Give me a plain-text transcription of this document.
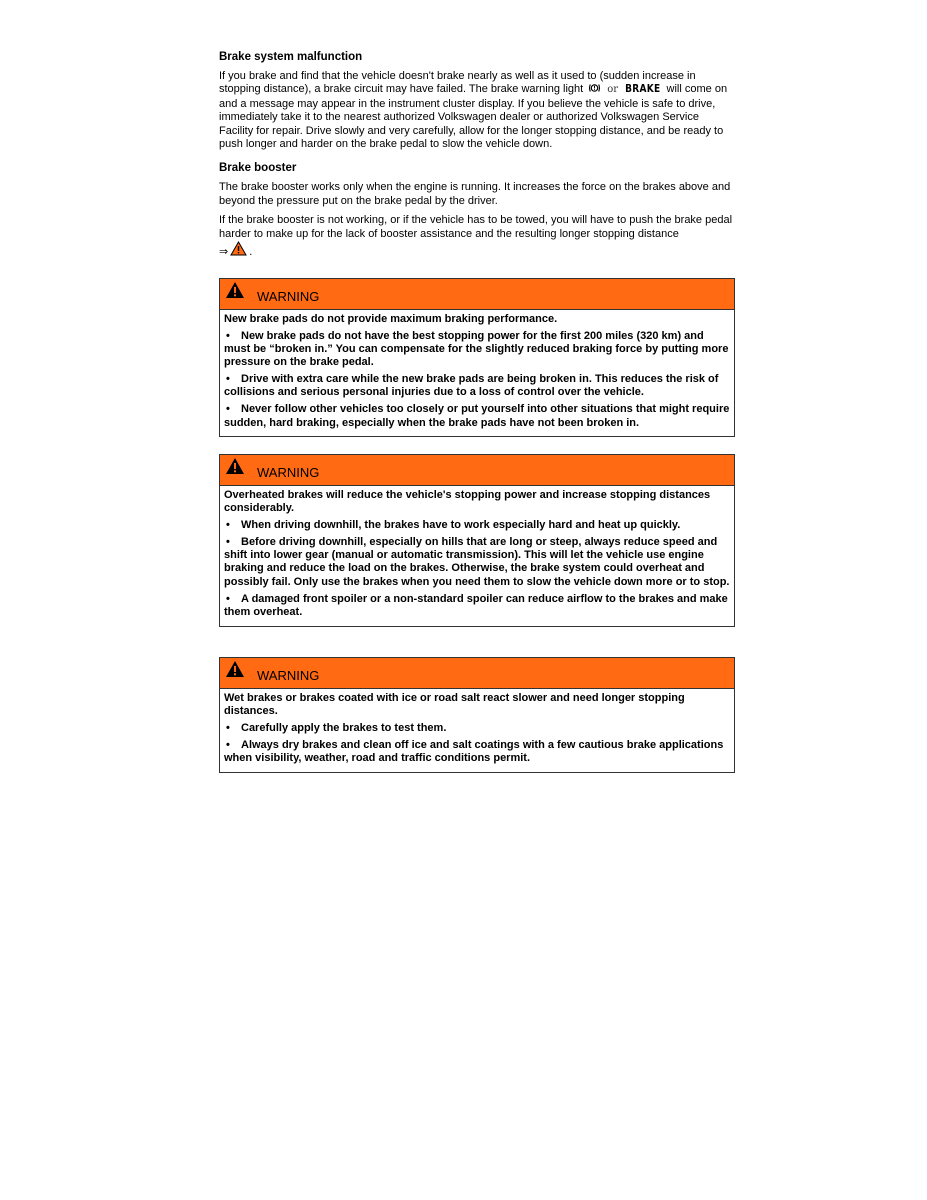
Brake system malfunction

If you brake and find that the vehicle doesn't brake nearly as well as it used to (sudden increase in stopping distance), a brake circuit may have failed. The brake warning light or BRAKE will come on and a message may appear in the instrument cluster display. If you believe the vehicle is safe to drive, immediately take it to the nearest authorized Volkswagen dealer or authorized Volkswagen Service Facility for repair. Drive slowly and very carefully, allow for the longer stopping distance, and be ready to push longer and harder on the brake pedal to slow the vehicle down.

Brake booster

The brake booster works only when the engine is running. It increases the force on the brakes above and beyond the pressure put on the brake pedal by the driver.

If the brake booster is not working, or if the vehicle has to be towed, you will have to push the brake pedal harder to make up for the lack of booster assistance and the resulting longer stopping distance
⇒ .

WARNING

New brake pads do not provide maximum braking performance.

• New brake pads do not have the best stopping power for the first 200 miles (320 km) and must be “broken in.” You can compensate for the slightly reduced braking force by putting more pressure on the brake pedal.

• Drive with extra care while the new brake pads are being broken in. This reduces the risk of collisions and serious personal injuries due to a loss of control over the vehicle.

• Never follow other vehicles too closely or put yourself into other situations that might require sudden, hard braking, especially when the brake pads have not been broken in.

WARNING

Overheated brakes will reduce the vehicle's stopping power and increase stopping distances considerably.

• When driving downhill, the brakes have to work especially hard and heat up quickly.

• Before driving downhill, especially on hills that are long or steep, always reduce speed and shift into lower gear (manual or automatic transmission). This will let the vehicle use engine braking and reduce the load on the brakes. Otherwise, the brake system could overheat and possibly fail. Only use the brakes when you need them to slow the vehicle down more or to stop.

• A damaged front spoiler or a non-standard spoiler can reduce airflow to the brakes and make them overheat.

WARNING

Wet brakes or brakes coated with ice or road salt react slower and need longer stopping distances.

• Carefully apply the brakes to test them.

• Always dry brakes and clean off ice and salt coatings with a few cautious brake applications when visibility, weather, road and traffic conditions permit.
